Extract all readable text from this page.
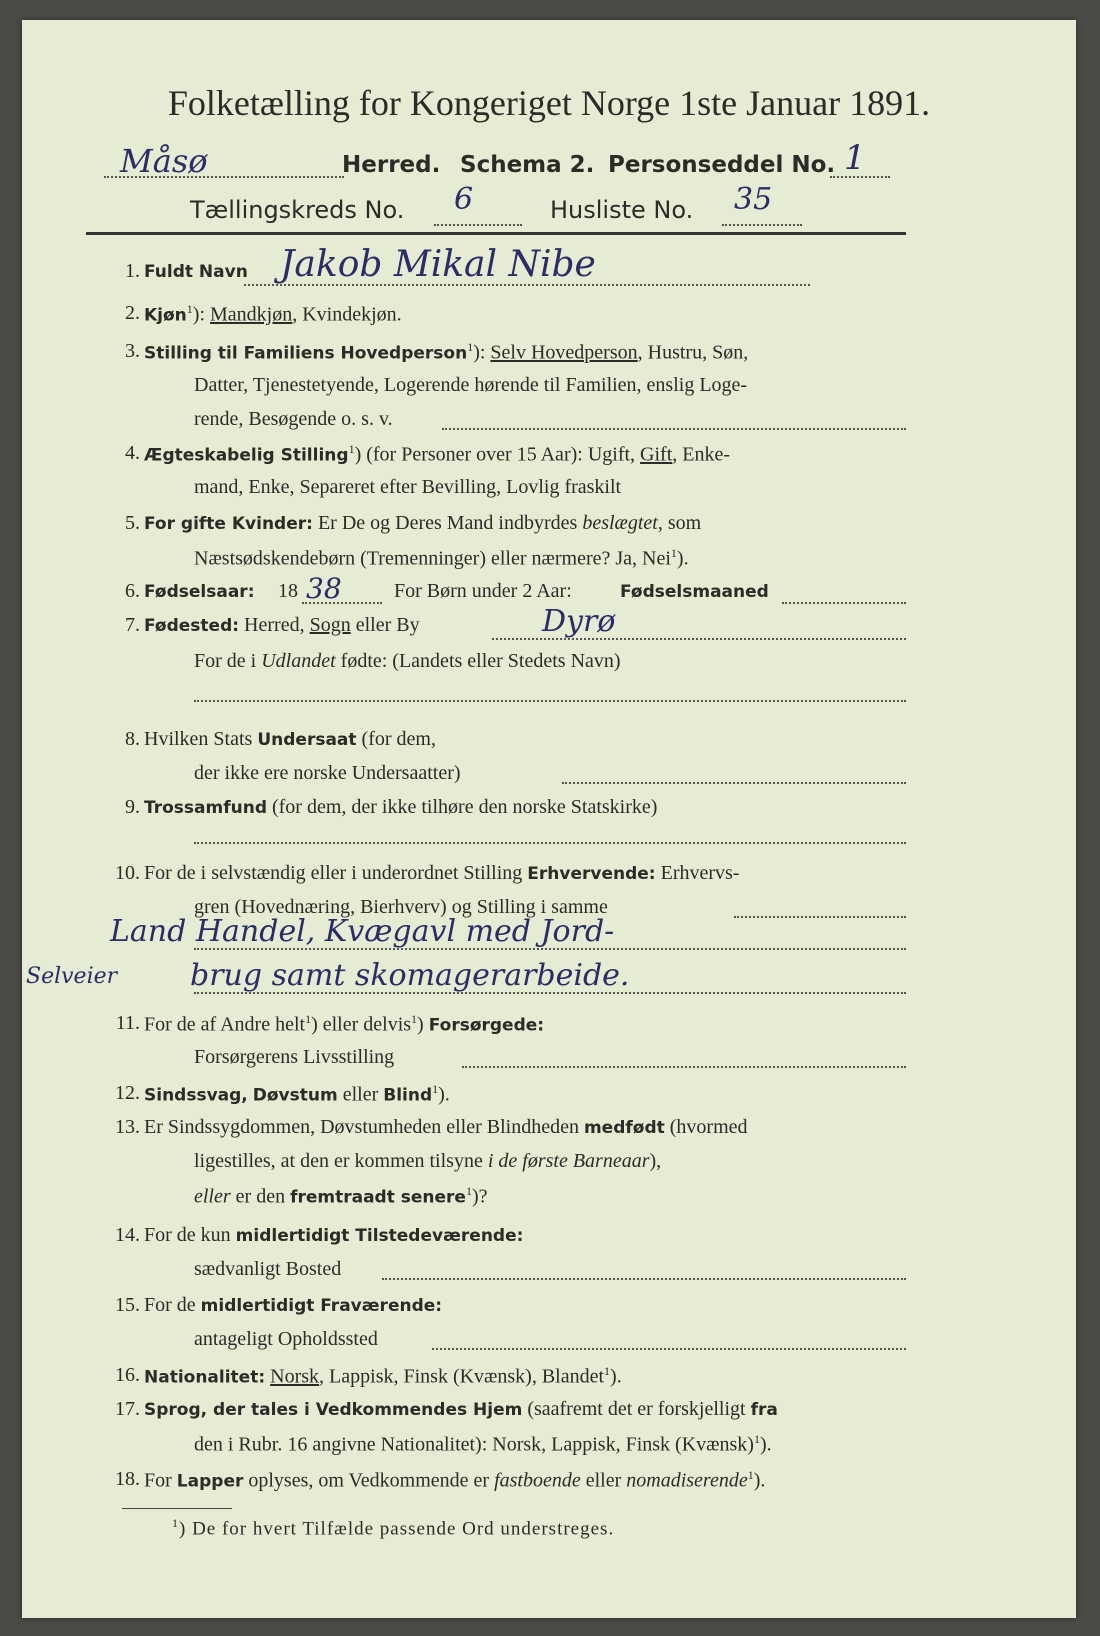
Folketælling for Kongeriget Norge 1ste Januar 1891.
Måsø	Herred. Schema 2. Personseddel No. 1
Tællingskreds No. 6	Husliste No. 35
1. Fuldt Navn Jakob Mikal Nibe
2. Kjøn$^1$): Mandkjøn, Kvindekjøn.
3. Stilling til Familiens Hovedperson$^1$): Selv Hovedperson, Hustru, Søn,
Datter, Tjenestetyende, Logerende hørende til Familien, enslig Loge-
rende, Besøgende o. s. v.
4. Ægteskabelig Stilling$^1$) (for Personer over 15 Aar): Ugift, Gift, Enke-
mand, Enke, Separeret efter Bevilling, Lovlig fraskilt
5. For gifte Kvinder: Er De og Deres Mand indbyrdes beslægtet, som
Næstsødskendebørn (Tremenninger) eller nærmere? Ja, Nei$^1$).
6. Fødselsaar: 18 38	For Børn under 2 Aar:	Fødselsmaaned
7. Fødested: Herred, Sogn eller By	Dyrø
For de i Udlandet fødte: (Landets eller Stedets Navn)
8. Hvilken Stats Undersaat (for dem,
der ikke ere norske Undersaatter)
9. Trossamfund (for dem, der ikke tilhøre den norske Statskirke)
10. For de i selvstændig eller i underordnet Stilling Erhvervende: Erhvervs-
gren (Hovednæring, Bierhverv) og Stilling i samme
Land Handel, Kvægavl med Jord-
Selveier brug samt skomagerarbeide.
11. For de af Andre helt$^1$) eller delvis$^1$) Forsørgede:
Forsørgerens Livsstilling
12. Sindssvag, Døvstum eller Blind$^1$).
13. Er Sindssygdommen, Døvstumheden eller Blindheden medfødt (hvormed
ligestilles, at den er kommen tilsyne i de første Barneaar),
eller er den fremtraadt senere$^1$)?
14. For de kun midlertidigt Tilstedeværende:
sædvanligt Bosted
15. For de midlertidigt Fraværende:
antageligt Opholdssted
16. Nationalitet: Norsk, Lappisk, Finsk (Kvænsk), Blandet$^1$).
17. Sprog, der tales i Vedkommendes Hjem (saafremt det er forskjelligt fra
den i Rubr. 16 angivne Nationalitet): Norsk, Lappisk, Finsk (Kvænsk)$^1$).
18. For Lapper oplyses, om Vedkommende er fastboende eller nomadiserende$^1$).
$^1$) De for hvert Tilfælde passende Ord understreges.
